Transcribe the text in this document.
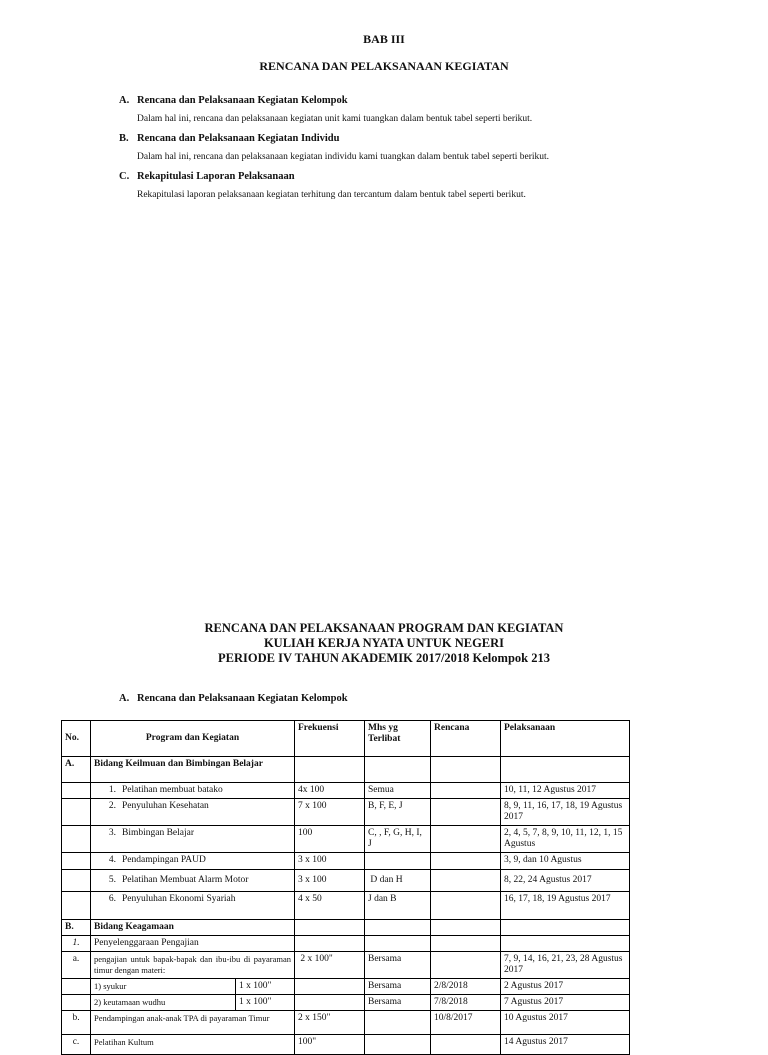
BAB III
RENCANA DAN PELAKSANAAN KEGIATAN
A. Rencana dan Pelaksanaan Kegiatan Kelompok
Dalam hal ini, rencana dan pelaksanaan kegiatan unit kami tuangkan dalam bentuk tabel seperti berikut.
B. Rencana dan Pelaksanaan Kegiatan Individu
Dalam hal ini, rencana dan pelaksanaan kegiatan individu kami tuangkan dalam bentuk tabel seperti berikut.
C. Rekapitulasi Laporan Pelaksanaan
Rekapitulasi laporan pelaksanaan kegiatan terhitung dan tercantum dalam bentuk tabel seperti berikut.
RENCANA DAN PELAKSANAAN PROGRAM DAN KEGIATAN
KULIAH KERJA NYATA UNTUK NEGERI
PERIODE IV TAHUN AKADEMIK 2017/2018 Kelompok 213
A. Rencana dan Pelaksanaan Kegiatan Kelompok
No.	Program dan Kegiatan		Frekuensi	Mhs yg Terlibat	Rencana	Pelaksanaan
A.	Bidang Keilmuan dan Bimbingan Belajar					
	1. Pelatihan membuat batako		4x 100	Semua		10, 11, 12 Agustus 2017
	2. Penyuluhan Kesehatan		7 x 100	B, F, E, J		8, 9, 11, 16, 17, 18, 19 Agustus 2017
	3. Bimbingan Belajar		100	C, , F, G, H, I, J		2, 4, 5, 7, 8, 9, 10, 11, 12, 1, 15 Agustus
	4. Pendampingan PAUD		3 x 100			3, 9, dan 10 Agustus
	5. Pelatihan Membuat Alarm Motor		3 x 100	D dan H		8, 22, 24 Agustus 2017
	6. Penyuluhan Ekonomi Syariah		4 x 50	J dan B		16, 17, 18, 19 Agustus 2017
B.	Bidang Keagamaan					
1.	Penyelenggaraan Pengajian					
a.	pengajian untuk bapak-bapak dan ibu-ibu di payaraman timur dengan materi:		2 x 100"	Bersama		7, 9, 14, 16, 21, 23, 28 Agustus 2017
	1) syukur	1 x 100"		Bersama	2/8/2018	2 Agustus 2017
	2) keutamaan wudhu	1 x 100"		Bersama	7/8/2018	7 Agustus 2017
b.	Pendampingan anak-anak TPA di payaraman Timur		2 x 150"		10/8/2017	10 Agustus 2017
c.	Pelatihan Kultum		100"			14 Agustus 2017
